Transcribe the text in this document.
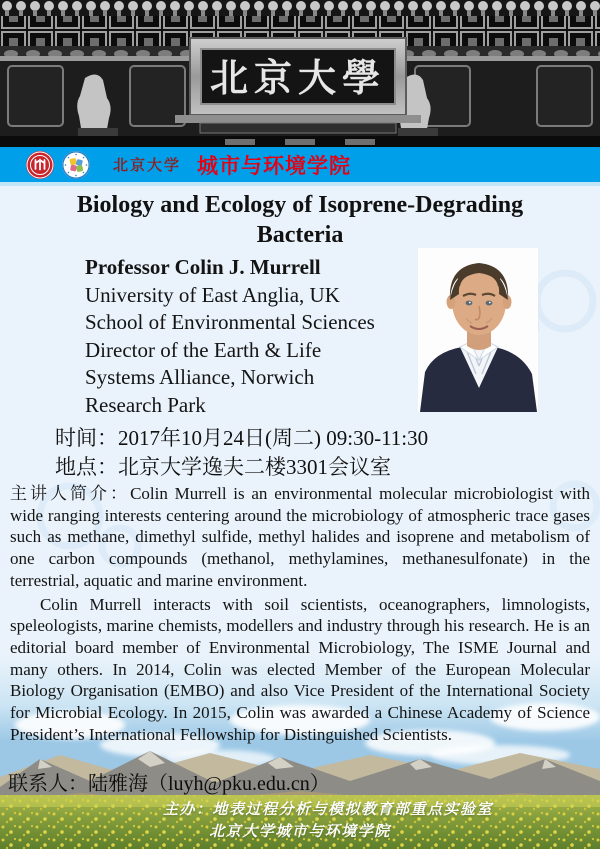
北京大學
北京大学 城市与环境学院
Biology and Ecology of Isoprene-Degrading
Bacteria
Professor Colin J. Murrell
University of East Anglia, UK
School of Environmental Sciences
Director of the Earth & Life
Systems Alliance, Norwich
Research Park
时间：2017年10月24日(周二) 09:30-11:30
地点：北京大学逸夫二楼3301会议室

主讲人简介：Colin Murrell is an environmental molecular microbiologist with wide ranging interests centering around the microbiology of atmospheric trace gases such as methane, dimethyl sulfide, methyl halides and isoprene and metabolism of one carbon compounds (methanol, methylamines, methanesulfonate) in the terrestrial, aquatic and marine environment.

Colin Murrell interacts with soil scientists, oceanographers, limnologists, speleologists, marine chemists, modellers and industry through his research. He is an editorial board member of Environmental Microbiology, The ISME Journal and many others. In 2014, Colin was elected Member of the European Molecular Biology Organisation (EMBO) and also Vice President of the International Society for Microbial Ecology. In 2015, Colin was awarded a Chinese Academy of Science President’s International Fellowship for Distinguished Scientists.

联系人：陆雅海（luyh@pku.edu.cn）
主办：地表过程分析与模拟教育部重点实验室
北京大学城市与环境学院
